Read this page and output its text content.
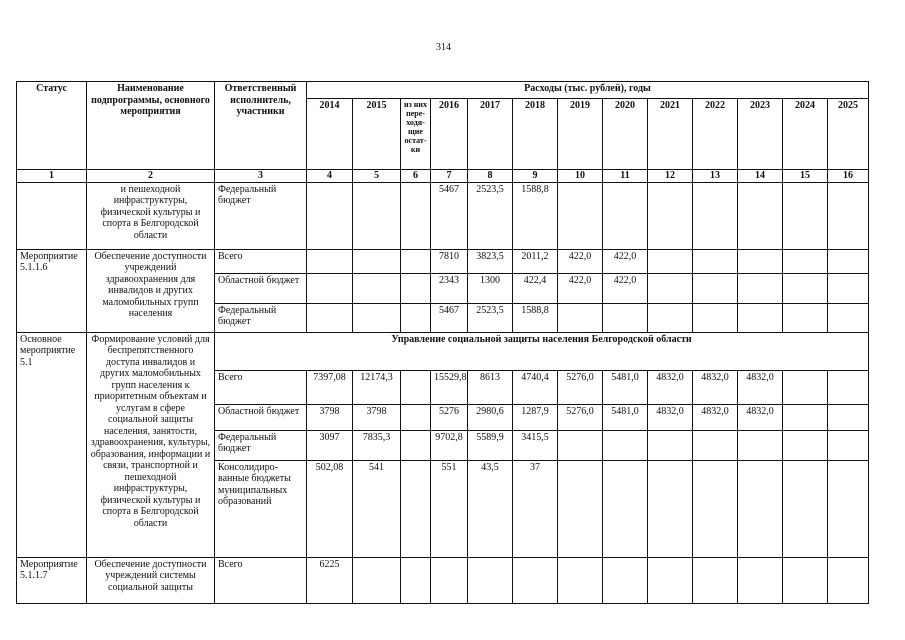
314
Статус	Наименование подпрограммы, основного мероприятия	Ответственный исполнитель, участники	Расходы (тыс. рублей), годы												
			2014	2015	из них пере-ходя-щие остат-ки	2016	2017	2018	2019	2020	2021	2022	2023	2024	2025
1	2	3	4	5	6	7	8	9	10	11	12	13	14	15	16
	и пешеходной инфраструктуры, физической культуры и спорта в Белгородской области	Федеральный бюджет				5467	2523,5	1588,8							
Мероприятие 5.1.1.6	Обеспечение доступности учреждений здравоохранения для инвалидов и других маломобильных групп населения	Всего				7810	3823,5	2011,2	422,0	422,0					
		Областной бюджет				2343	1300	422,4	422,0	422,0					
		Федеральный бюджет				5467	2523,5	1588,8							
Основное мероприятие 5.1	Формирование условий для беспрепятственного доступа инвалидов и других маломобильных групп населения к приоритетным объектам и услугам в сфере социальной защиты населения, занятости, здравоохранения, культуры, образования, информации и связи, транспортной и пешеходной инфраструктуры, физической культуры и спорта в Белгородской области	Управление социальной защиты населения Белгородской области													
		Всего	7397,08	12174,3		15529,8	8613	4740,4	5276,0	5481,0	4832,0	4832,0	4832,0		
		Областной бюджет	3798	3798		5276	2980,6	1287,9	5276,0	5481,0	4832,0	4832,0	4832,0		
		Федеральный бюджет	3097	7835,3		9702,8	5589,9	3415,5							
		Консолидиро-ванные бюджеты муниципальных образований	502,08	541		551	43,5	37							
Мероприятие 5.1.1.7	Обеспечение доступности учреждений системы социальной защиты	Всего	6225												
